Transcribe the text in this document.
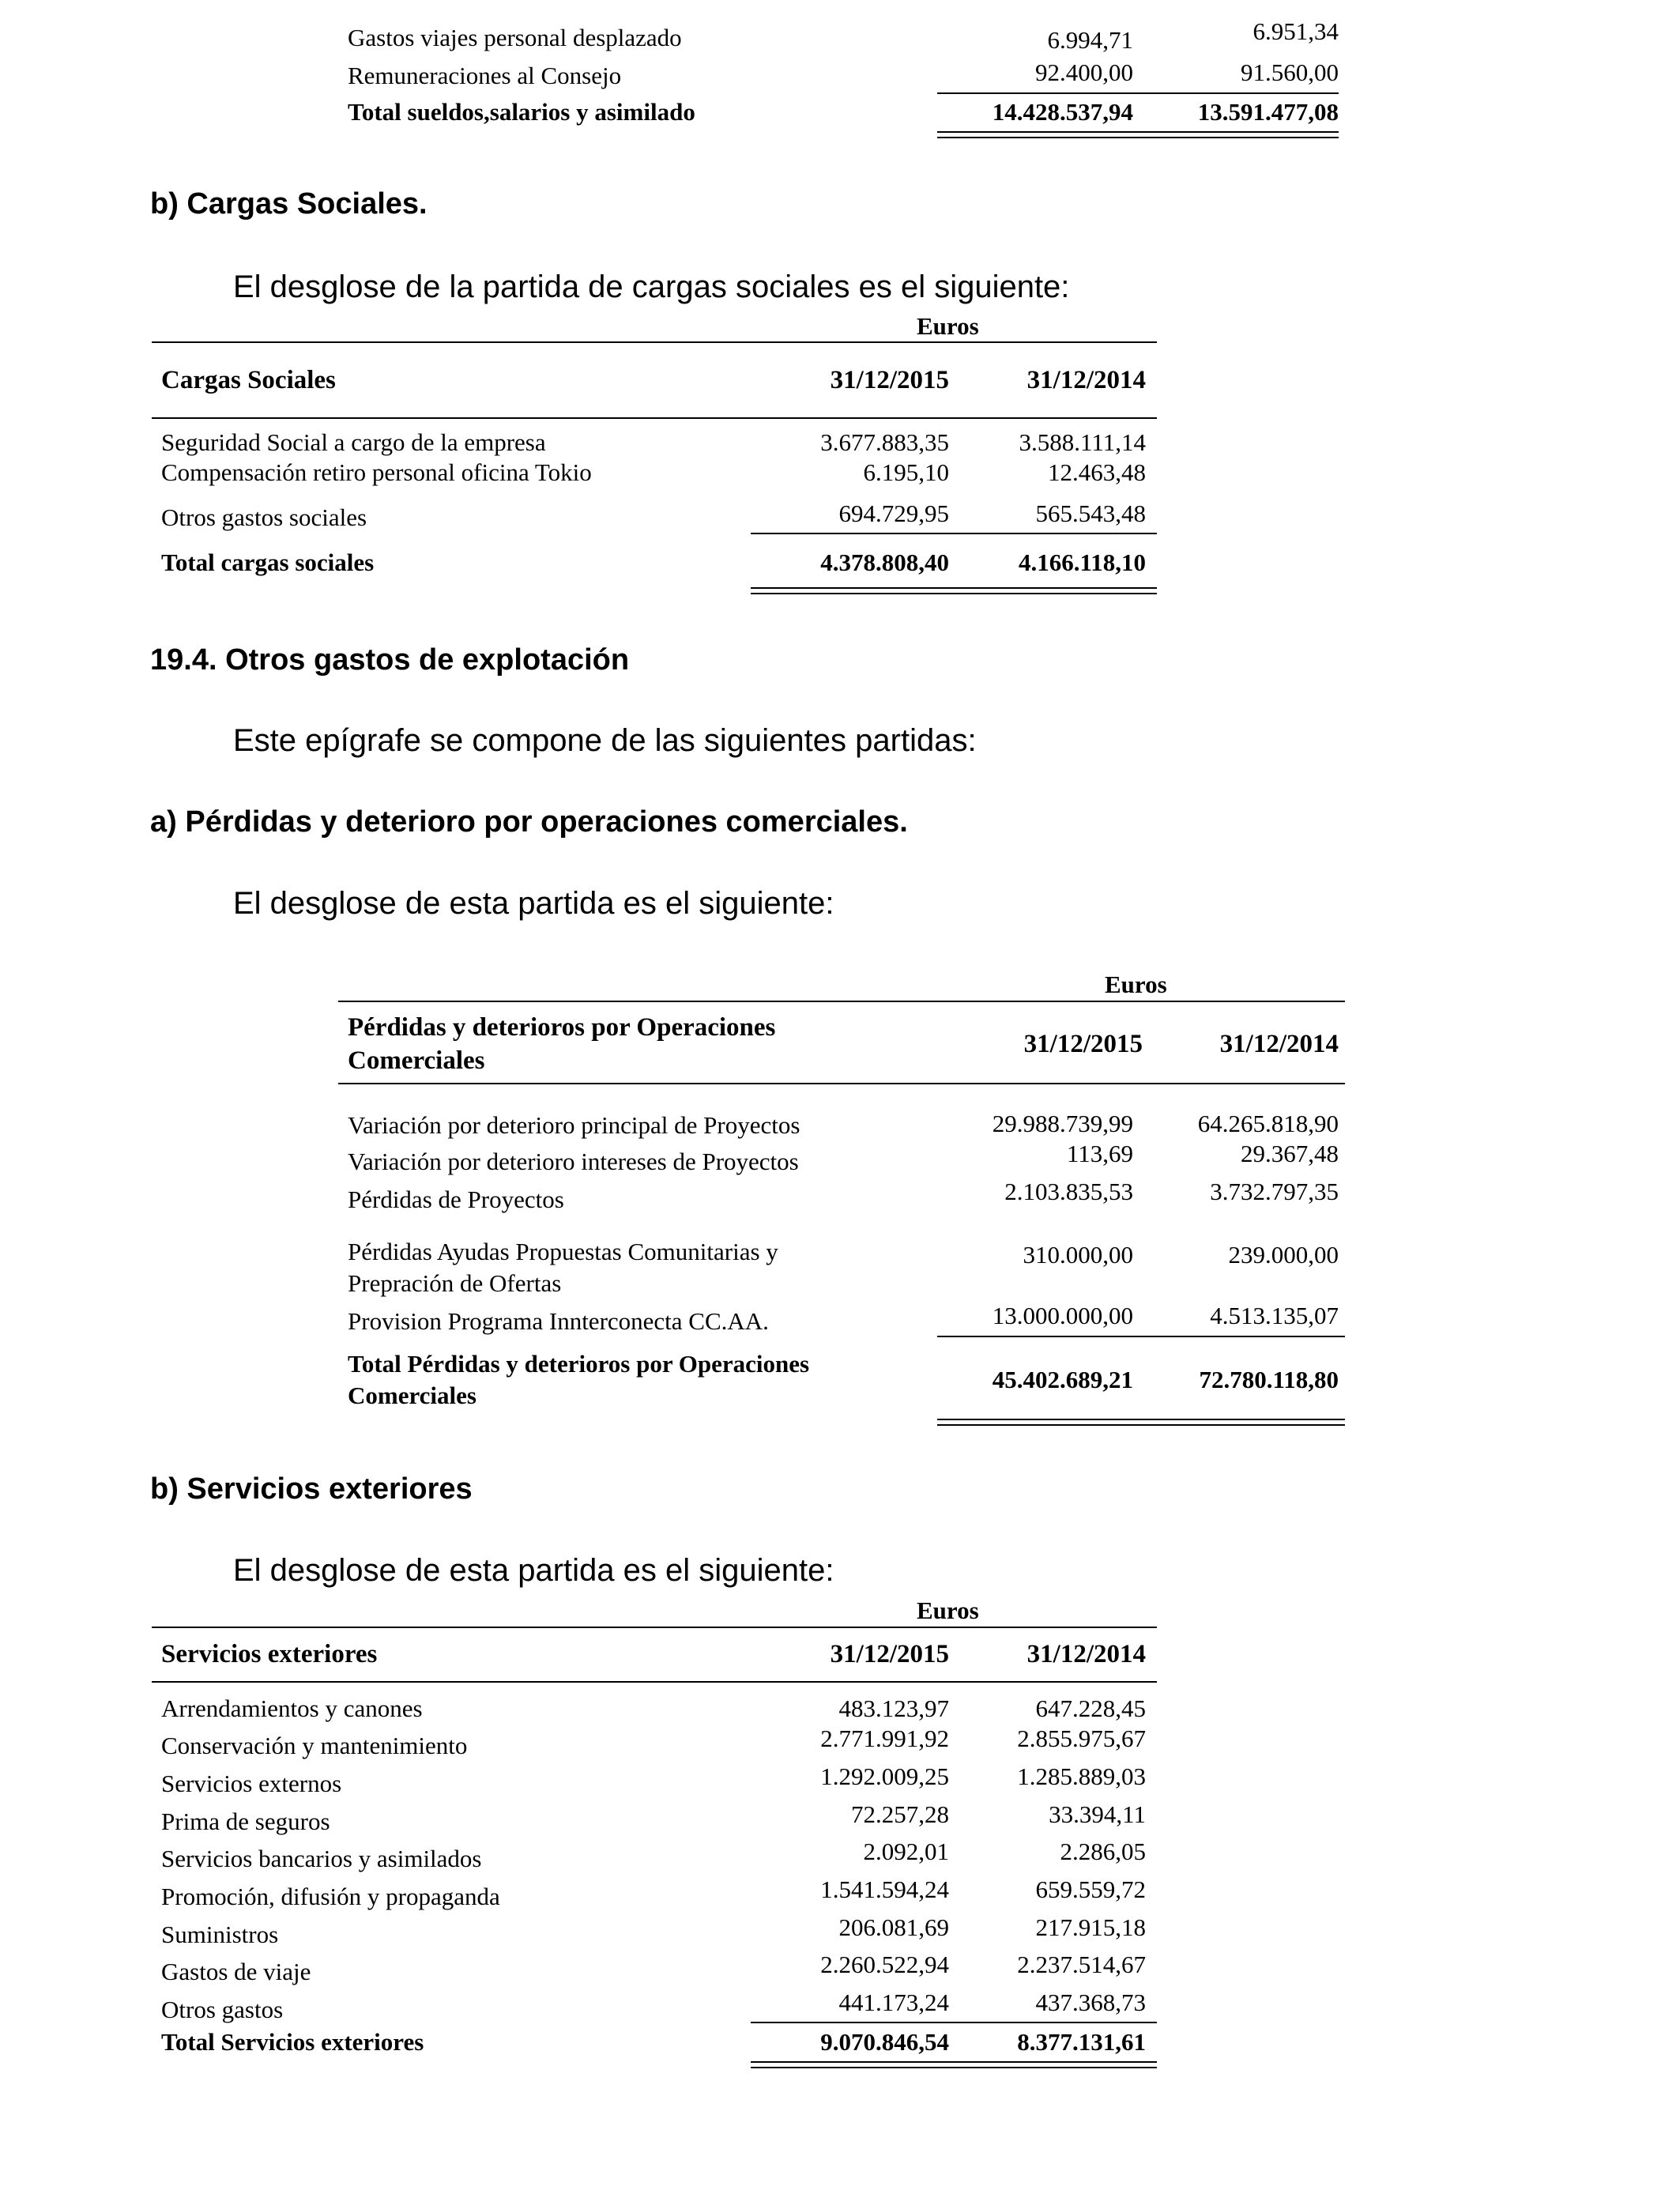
Gastos viajes personal desplazado	6.994,71	6.951,34
Remuneraciones al Consejo	92.400,00	91.560,00
Total sueldos,salarios y asimilado	14.428.537,94	13.591.477,08
b) Cargas Sociales.
El desglose de la partida de cargas sociales es el siguiente:
Euros
Cargas Sociales	31/12/2015	31/12/2014
Seguridad Social a cargo de la empresa	3.677.883,35	3.588.111,14
Compensación retiro personal oficina Tokio	6.195,10	12.463,48
Otros gastos sociales	694.729,95	565.543,48
Total cargas sociales	4.378.808,40	4.166.118,10
19.4. Otros gastos de explotación
Este epígrafe se compone de las siguientes partidas:
a) Pérdidas y deterioro por operaciones comerciales.
El desglose de esta partida es el siguiente:
Euros
Pérdidas y deterioros por Operaciones
Comerciales
31/12/2015	31/12/2014
Variación por deterioro principal de Proyectos	29.988.739,99	64.265.818,90
Variación por deterioro intereses de Proyectos	113,69	29.367,48
Pérdidas de Proyectos	2.103.835,53	3.732.797,35
Pérdidas Ayudas Propuestas Comunitarias y
Prepración de Ofertas
310.000,00	239.000,00
Provision Programa Innterconecta CC.AA.	13.000.000,00	4.513.135,07
Total Pérdidas y deterioros por Operaciones
Comerciales
45.402.689,21	72.780.118,80
b) Servicios exteriores
El desglose de esta partida es el siguiente:
Euros
Servicios exteriores	31/12/2015	31/12/2014
Arrendamientos y canones	483.123,97	647.228,45
Conservación y mantenimiento	2.771.991,92	2.855.975,67
Servicios externos	1.292.009,25	1.285.889,03
Prima de seguros	72.257,28	33.394,11
Servicios bancarios y asimilados	2.092,01	2.286,05
Promoción, difusión y propaganda	1.541.594,24	659.559,72
Suministros	206.081,69	217.915,18
Gastos de viaje	2.260.522,94	2.237.514,67
Otros gastos	441.173,24	437.368,73
Total Servicios exteriores	9.070.846,54	8.377.131,61
